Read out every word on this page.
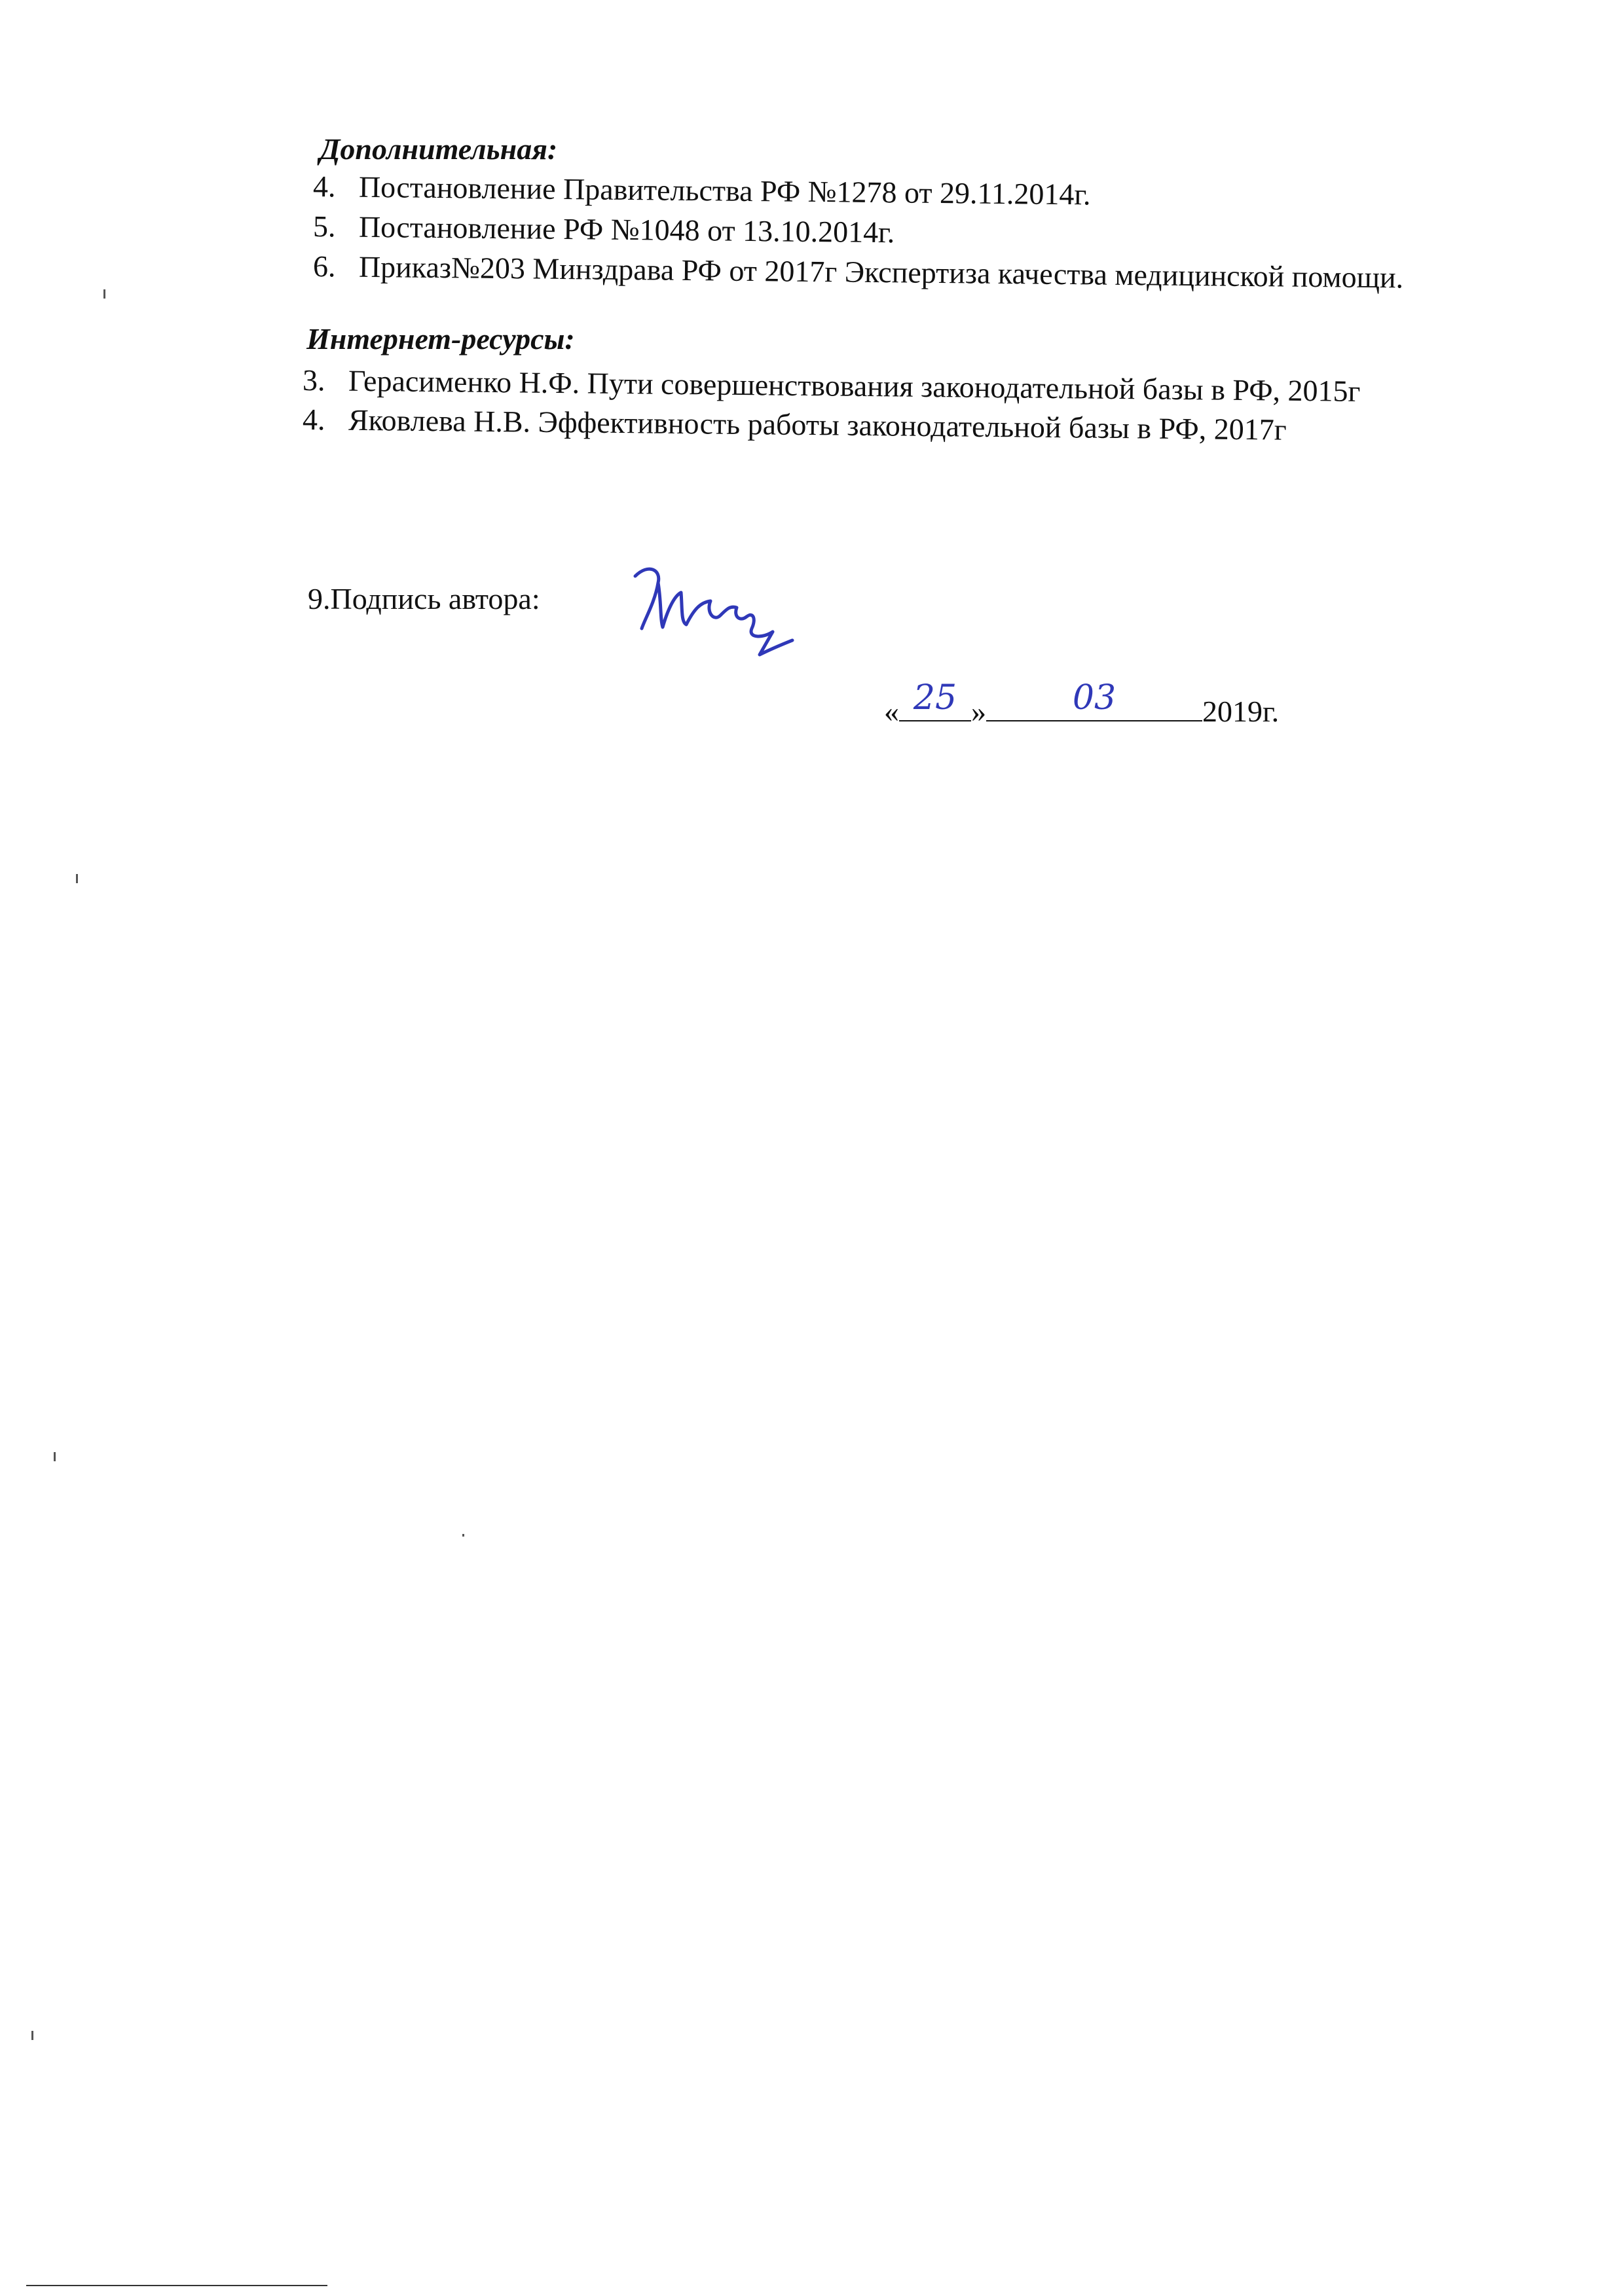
Дополнительная:
4. Постановление Правительства РФ №1278 от 29.11.2014г.
5. Постановление РФ №1048 от 13.10.2014г.
6. Приказ№203 Минздрава РФ от 2017г Экспертиза качества медицинской помощи.
Интернет-ресурсы:
3. Герасименко Н.Ф. Пути совершенствования законодательной базы в РФ, 2015г
4. Яковлева Н.В. Эффективность работы законодательной базы в РФ, 2017г
9.Подпись автора:
« 25 »	03	2019г.
